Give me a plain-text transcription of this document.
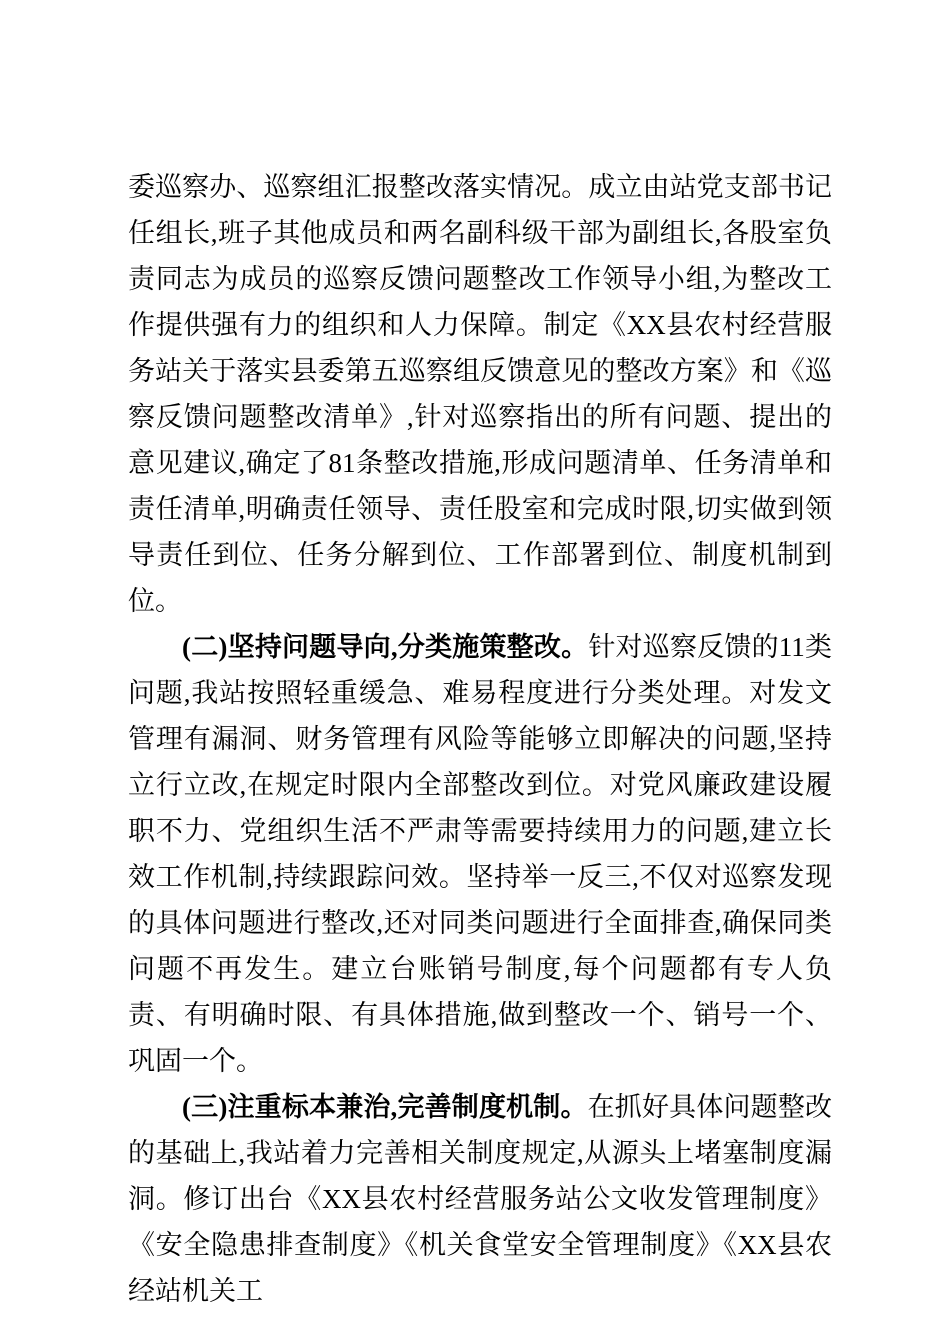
委巡察办、巡察组汇报整改落实情况。成立由站党支部书记任组长,班子其他成员和两名副科级干部为副组长,各股室负责同志为成员的巡察反馈问题整改工作领导小组,为整改工作提供强有力的组织和人力保障。制定《XX县农村经营服务站关于落实县委第五巡察组反馈意见的整改方案》和《巡察反馈问题整改清单》,针对巡察指出的所有问题、提出的意见建议,确定了81条整改措施,形成问题清单、任务清单和责任清单,明确责任领导、责任股室和完成时限,切实做到领导责任到位、任务分解到位、工作部署到位、制度机制到位。

(二)坚持问题导向,分类施策整改。针对巡察反馈的11类问题,我站按照轻重缓急、难易程度进行分类处理。对发文管理有漏洞、财务管理有风险等能够立即解决的问题,坚持立行立改,在规定时限内全部整改到位。对党风廉政建设履职不力、党组织生活不严肃等需要持续用力的问题,建立长效工作机制,持续跟踪问效。坚持举一反三,不仅对巡察发现的具体问题进行整改,还对同类问题进行全面排查,确保同类问题不再发生。建立台账销号制度,每个问题都有专人负责、有明确时限、有具体措施,做到整改一个、销号一个、巩固一个。

(三)注重标本兼治,完善制度机制。在抓好具体问题整改的基础上,我站着力完善相关制度规定,从源头上堵塞制度漏洞。修订出台《XX县农村经营服务站公文收发管理制度》《安全隐患排查制度》《机关食堂安全管理制度》《XX县农经站机关工
